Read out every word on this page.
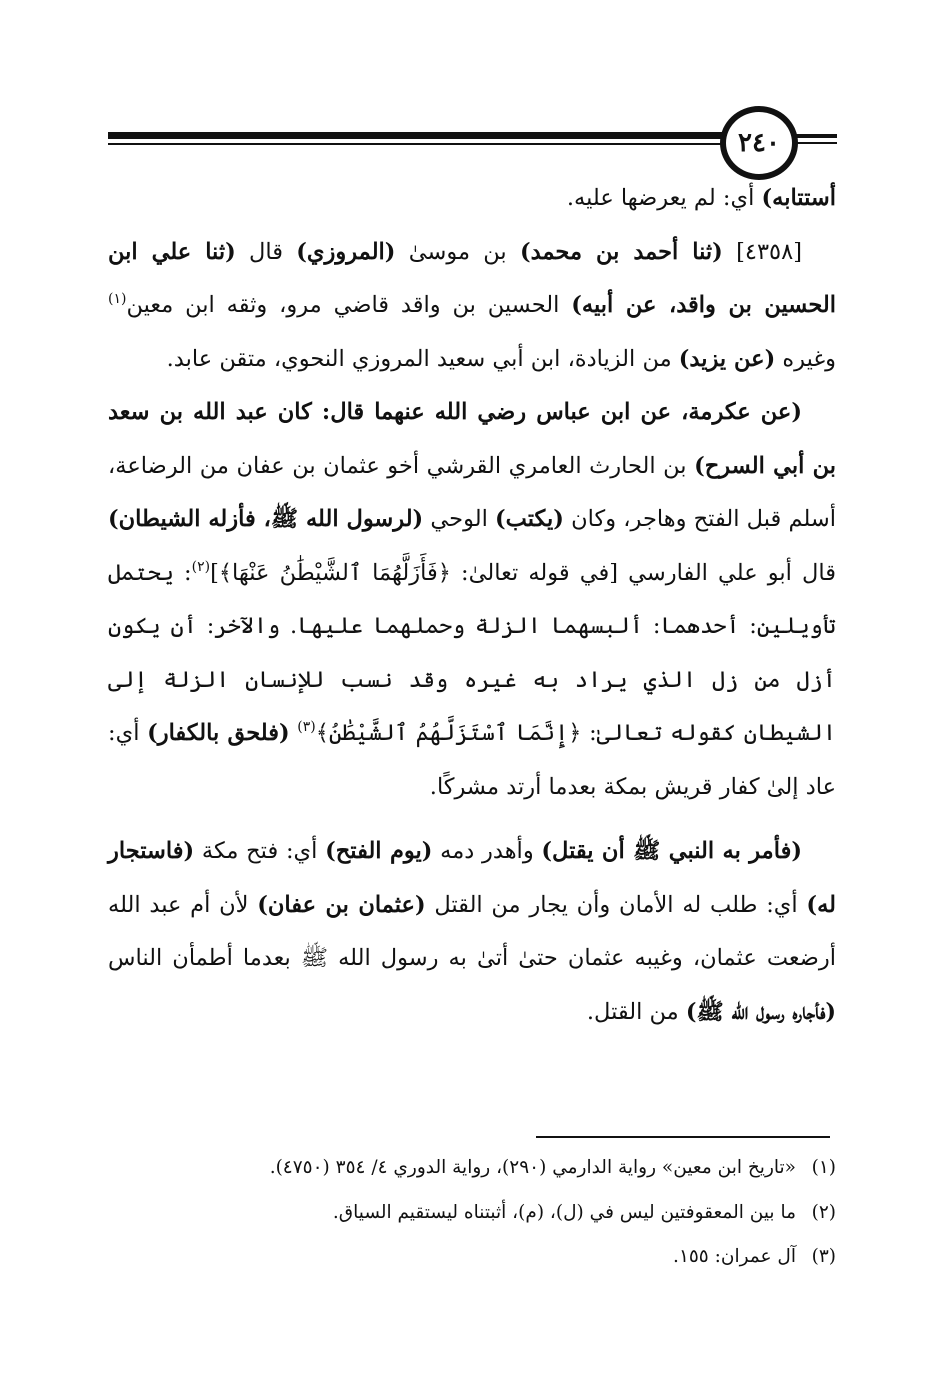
٢٤٠

أستتابه) أي: لم يعرضها عليه.

[٤٣٥٨] (ثنا أحمد بن محمد) بن موسىٰ (المروزي) قال (ثنا علي ابن الحسين بن واقد، عن أبيه) الحسين بن واقد قاضي مرو، وثقه ابن معين$^{(١)}$ وغيره (عن يزيد) من الزيادة، ابن أبي سعيد المروزي النحوي، متقن عابد.

(عن عكرمة، عن ابن عباس رضي الله عنهما قال: كان عبد الله بن سعد بن أبي السرح) بن الحارث العامري القرشي أخو عثمان بن عفان من الرضاعة، أسلم قبل الفتح وهاجر، وكان (يكتب) الوحي (لرسول الله ﷺ، فأزله الشيطان) قال أبو علي الفارسي [في قوله تعالىٰ: ﴿فَأَزَلَّهُمَا ٱلشَّيْطَٰنُ عَنْهَا﴾]$^{(٢)}$: يحتمل تأويلين: أحدهما: ألبسهما الزلة وحملهما عليها. والآخر: أن يكون أزل من زل الذي يراد به غيره وقد نسب للإنسان الزلة إلى الشيطان كقوله تعالىٰ: ﴿إِنَّمَا ٱسْتَزَلَّهُمُ ٱلشَّيْطَٰنُ﴾$^{(٣)}$ (فلحق بالكفار) أي: عاد إلىٰ كفار قريش بمكة بعدما أرتد مشركًا.

(فأمر به النبي ﷺ أن يقتل) وأهدر دمه (يوم الفتح) أي: فتح مكة (فاستجار له) أي: طلب له الأمان وأن يجار من القتل (عثمان بن عفان) لأن أم عبد الله أرضعت عثمان، وغيبه عثمان حتىٰ أتىٰ به رسول الله ﷺ بعدما أطمأن الناس (فأجاره رسول الله ﷺ) من القتل.

(١)«تاريخ ابن معين» رواية الدارمي (٢٩٠)، رواية الدوري ٤/ ٣٥٤ (٤٧٥٠).

(٢)ما بين المعقوفتين ليس في (ل)، (م)، أثبتناه ليستقيم السياق.

(٣)آل عمران: ١٥٥.
